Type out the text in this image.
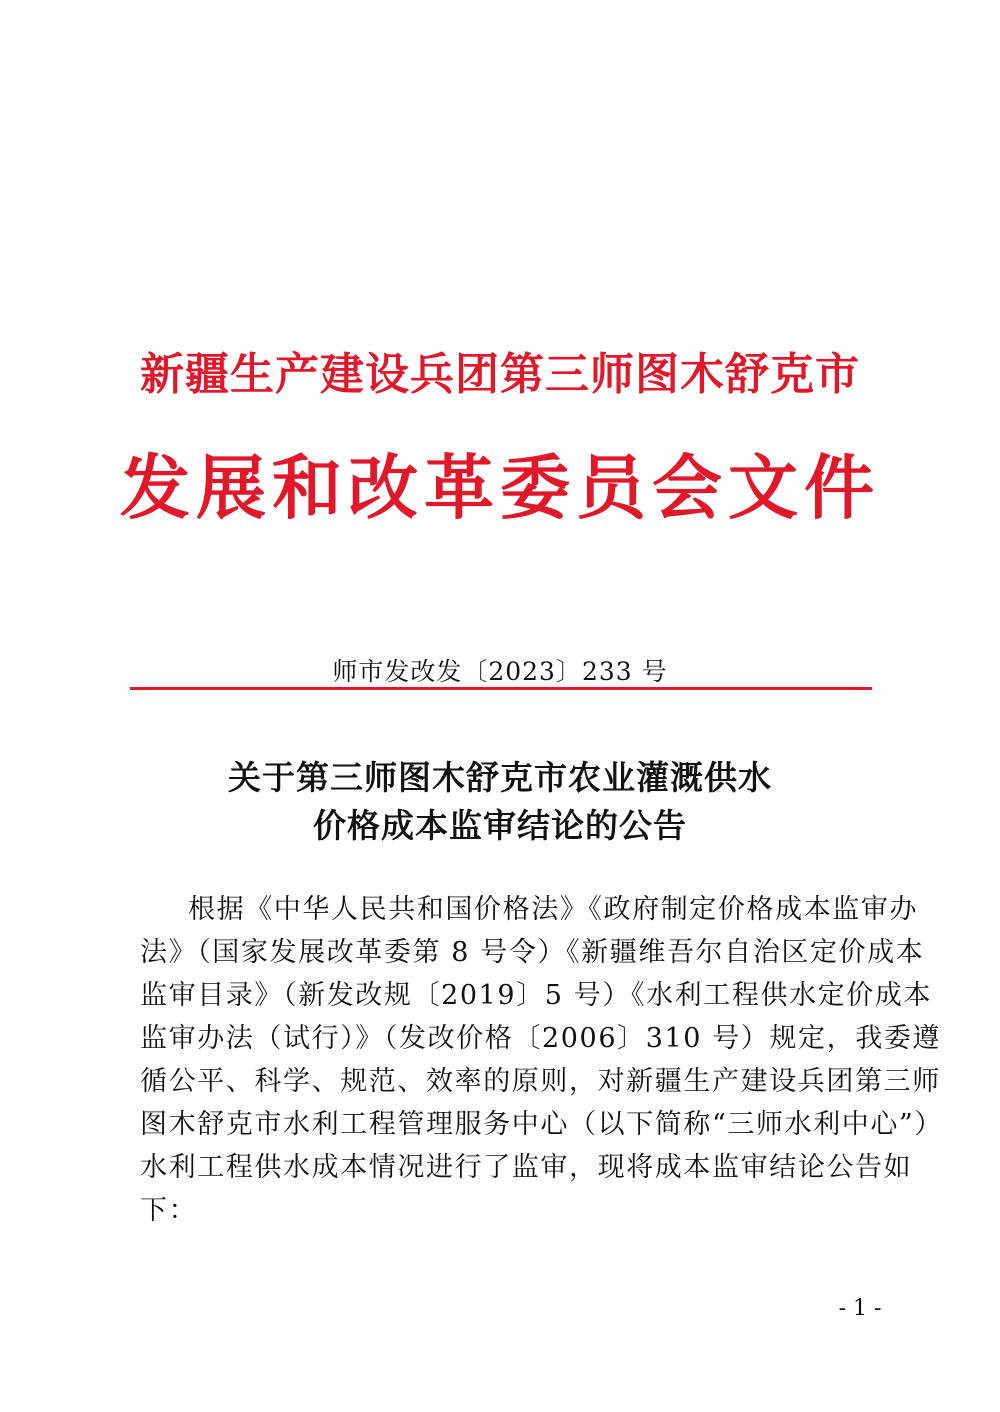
新疆生产建设兵团第三师图木舒克市
发展和改革委员会文件
师市发改发〔2023〕233 号
关于第三师图木舒克市农业灌溉供水
价格成本监审结论的公告
根据《中华人民共和国价格法》《政府制定价格成本监审办
法》（国家发展改革委第 8 号令）《新疆维吾尔自治区定价成本
监审目录》（新发改规〔2019〕5 号）《水利工程供水定价成本
监审办法（试行）》（发改价格〔2006〕310 号）规定，我委遵
循公平、科学、规范、效率的原则，对新疆生产建设兵团第三师
图木舒克市水利工程管理服务中心（以下简称“三师水利中心”）
水利工程供水成本情况进行了监审，现将成本监审结论公告如
下：
- 1 -
